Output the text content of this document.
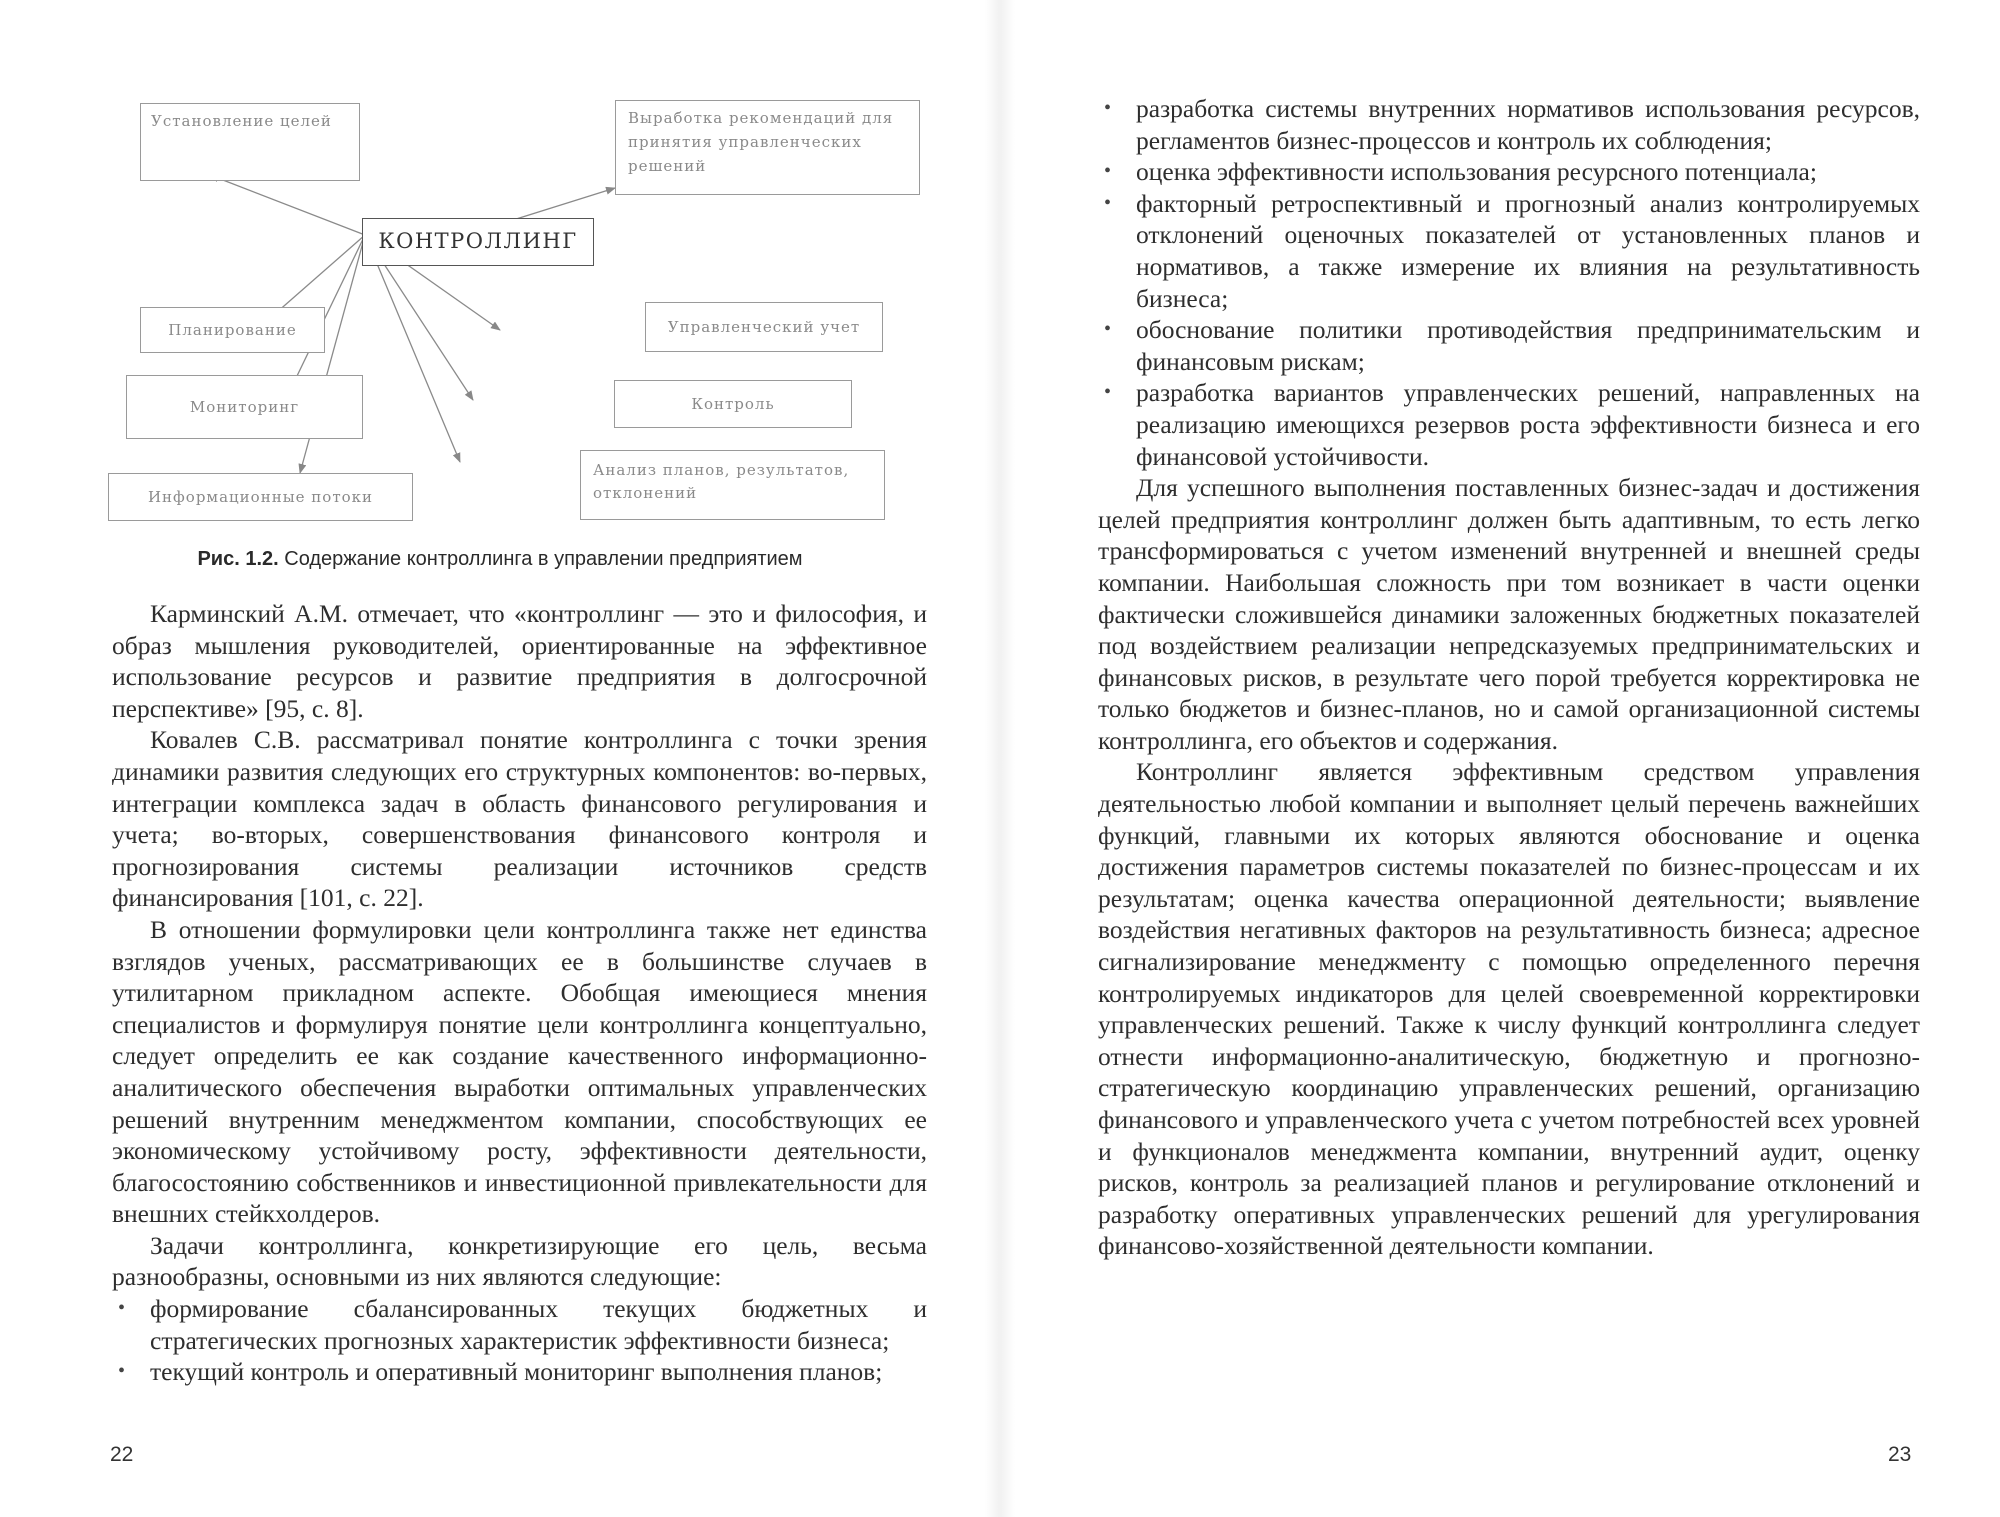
Установление целей	Выработка рекомендаций для принятия управленческих решений
КОНТРОЛЛИНГ
Планирование	Управленческий учет
Мониторинг	Контроль
Информационные потоки
Анализ планов, результатов, отклонений
Рис. 1.2. Содержание контроллинга в управлении предприятием

Карминский А.М. отмечает, что «контроллинг — это и философия, и образ мышления руководителей, ориентированные на эффективное использование ресурсов и развитие предприятия в долгосрочной перспективе» [95, с. 8].

Ковалев С.В. рассматривал понятие контроллинга с точки зрения динамики развития следующих его структурных компонентов: во-первых, интеграции комплекса задач в область финансового регулирования и учета; во-вторых, совершенствования финансового контроля и прогнозирования системы реализации источников средств финансирования [101, с. 22].

В отношении формулировки цели контроллинга также нет единства взглядов ученых, рассматривающих ее в большинстве случаев в утилитарном прикладном аспекте. Обобщая имеющиеся мнения специалистов и формулируя понятие цели контроллинга концептуально, следует определить ее как создание качественного информационно-аналитического обеспечения выработки оптимальных управленческих решений внутренним менеджментом компании, способствующих ее экономическому устойчивому росту, эффективности деятельности, благосостоянию собственников и инвестиционной привлекательности для внешних стейкхолдеров.

Задачи контроллинга, конкретизирующие его цель, весьма разнообразны, основными из них являются следующие:

• формирование сбалансированных текущих бюджетных и стратегических прогнозных характеристик эффективности бизнеса;
• текущий контроль и оперативный мониторинг выполнения планов;
22
• разработка системы внутренних нормативов использования ресурсов, регламентов бизнес-процессов и контроль их соблюдения;
• оценка эффективности использования ресурсного потенциала;
• факторный ретроспективный и прогнозный анализ контролируемых отклонений оценочных показателей от установленных планов и нормативов, а также измерение их влияния на результативность бизнеса;
• обоснование политики противодействия предпринимательским и финансовым рискам;
• разработка вариантов управленческих решений, направленных на реализацию имеющихся резервов роста эффективности бизнеса и его финансовой устойчивости.

Для успешного выполнения поставленных бизнес-задач и достижения целей предприятия контроллинг должен быть адаптивным, то есть легко трансформироваться с учетом изменений внутренней и внешней среды компании. Наибольшая сложность при том возникает в части оценки фактически сложившейся динамики заложенных бюджетных показателей под воздействием реализации непредсказуемых предпринимательских и финансовых рисков, в результате чего порой требуется корректировка не только бюджетов и бизнес-планов, но и самой организационной системы контроллинга, его объектов и содержания.

Контроллинг является эффективным средством управления деятельностью любой компании и выполняет целый перечень важнейших функций, главными их которых являются обоснование и оценка достижения параметров системы показателей по бизнес-процессам и их результатам; оценка качества операционной деятельности; выявление воздействия негативных факторов на результативность бизнеса; адресное сигнализирование менеджменту с помощью определенного перечня контролируемых индикаторов для целей своевременной корректировки управленческих решений. Также к числу функций контроллинга следует отнести информационно-аналитическую, бюджетную и прогнозно-стратегическую координацию управленческих решений, организацию финансового и управленческого учета с учетом потребностей всех уровней и функционалов менеджмента компании, внутренний аудит, оценку рисков, контроль за реализацией планов и регулирование отклонений и разработку оперативных управленческих решений для урегулирования финансово-хозяйственной деятельности компании.

23
